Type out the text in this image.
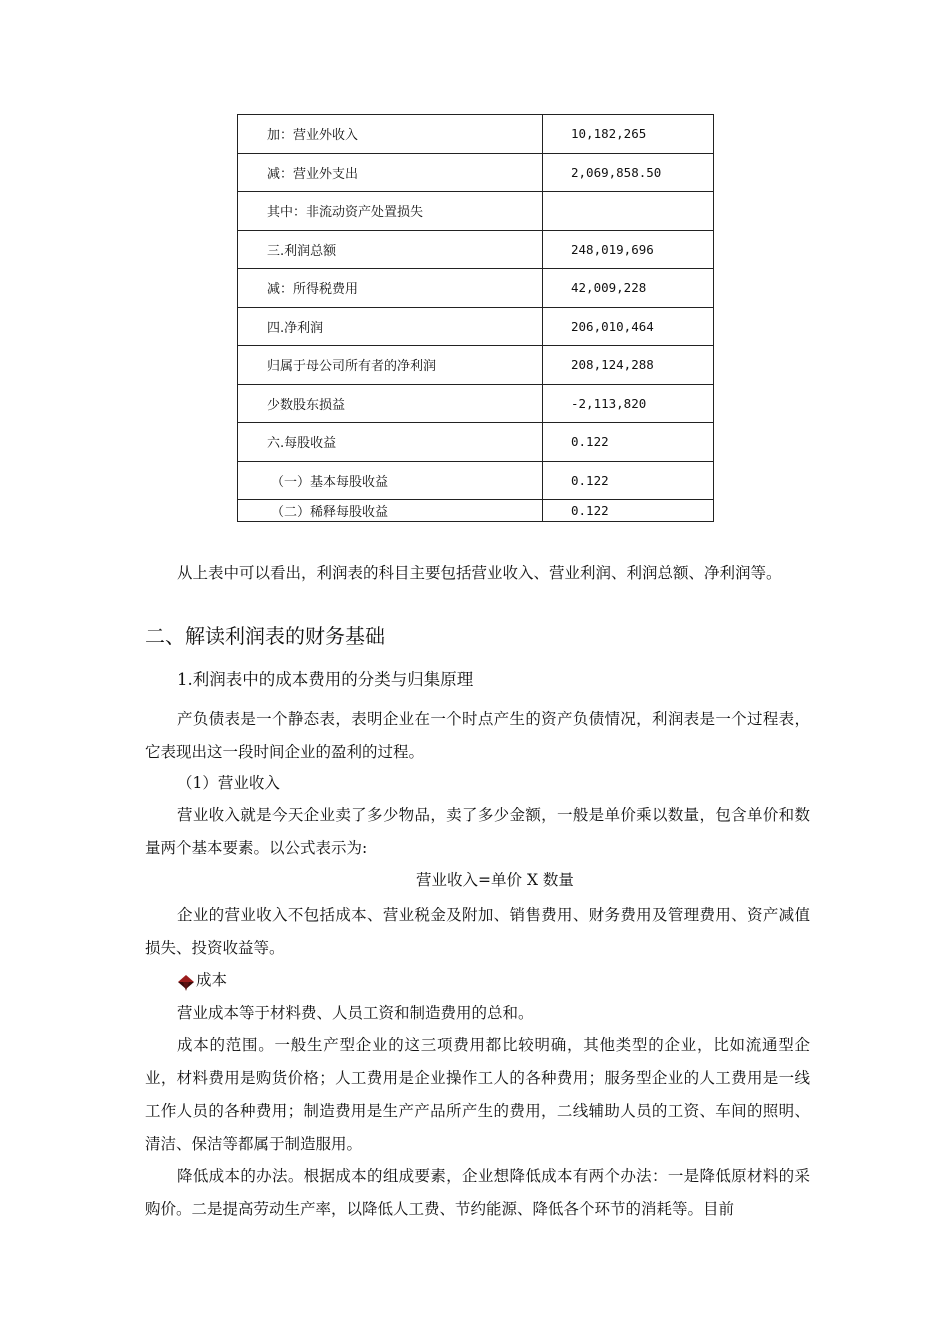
加：营业外收入	10,182,265
减：营业外支出	2,069,858.50
其中：非流动资产处置损失	
三.利润总额	248,019,696
减：所得税费用	42,009,228
四.净利润	206,010,464
归属于母公司所有者的净利润	208,124,288
少数股东损益	-2,113,820
六.每股收益	0.122
（一）基本每股收益	0.122
（二）稀释每股收益	0.122

从上表中可以看出，利润表的科目主要包括营业收入、营业利润、利润总额、净利润等。

二、解读利润表的财务基础
1.利润表中的成本费用的分类与归集原理

产负债表是一个静态表，表明企业在一个时点产生的资产负债情况，利润表是一个过程表，它表现出这一段时间企业的盈利的过程。

（1）营业收入

营业收入就是今天企业卖了多少物品，卖了多少金额，一般是单价乘以数量，包含单价和数量两个基本要素。以公式表示为:

营业收入=单价 X 数量

企业的营业收入不包括成本、营业税金及附加、销售费用、财务费用及管理费用、资产减值损失、投资收益等。

成本

营业成本等于材料费、人员工资和制造费用的总和。

成本的范围。一般生产型企业的这三项费用都比较明确，其他类型的企业，比如流通型企业，材料费用是购货价格；人工费用是企业操作工人的各种费用；服务型企业的人工费用是一线工作人员的各种费用；制造费用是生产产品所产生的费用，二线辅助人员的工资、车间的照明、清洁、保洁等都属于制造服用。

降低成本的办法。根据成本的组成要素，企业想降低成本有两个办法：一是降低原材料的采购价。二是提高劳动生产率，以降低人工费、节约能源、降低各个环节的消耗等。目前
